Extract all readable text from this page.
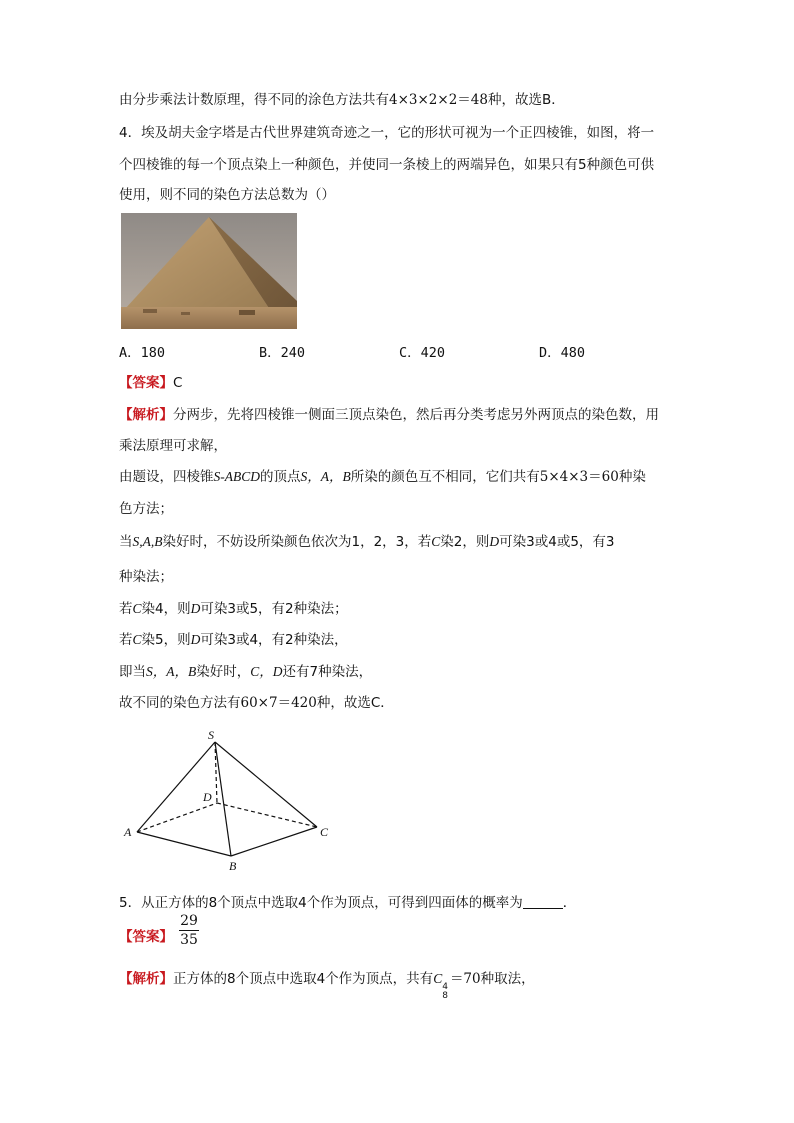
由分步乘法计数原理，得不同的涂色方法共有4×3×2×2＝48种，故选B．
4．埃及胡夫金字塔是古代世界建筑奇迹之一，它的形状可视为一个正四棱锥，如图，将一
个四棱锥的每一个顶点染上一种颜色，并使同一条棱上的两端异色，如果只有5种颜色可供
使用，则不同的染色方法总数为（）
A．180	B．240	C．420	D．480
【答案】C
【解析】分两步，先将四棱锥一侧面三顶点染色，然后再分类考虑另外两顶点的染色数，用
乘法原理可求解，
由题设，四棱锥S-ABCD的顶点S，A，B所染的颜色互不相同，它们共有5×4×3＝60种染
色方法；
当S,A,B染好时，不妨设所染颜色依次为1，2，3，若C染2，则D可染3或4或5，有3
种染法；
若C染4，则D可染3或5，有2种染法；
若C染5，则D可染3或4，有2种染法，
即当S，A，B染好时，C，D还有7种染法，
故不同的染色方法有60×7＝420种，故选C．
S
D
A	C
B
5．从正方体的8个顶点中选取4个作为顶点，可得到四面体的概率为	．
【答案】
29
35
【解析】正方体的8个顶点中选取4个作为顶点，共有C
4
8
＝70种取法，
